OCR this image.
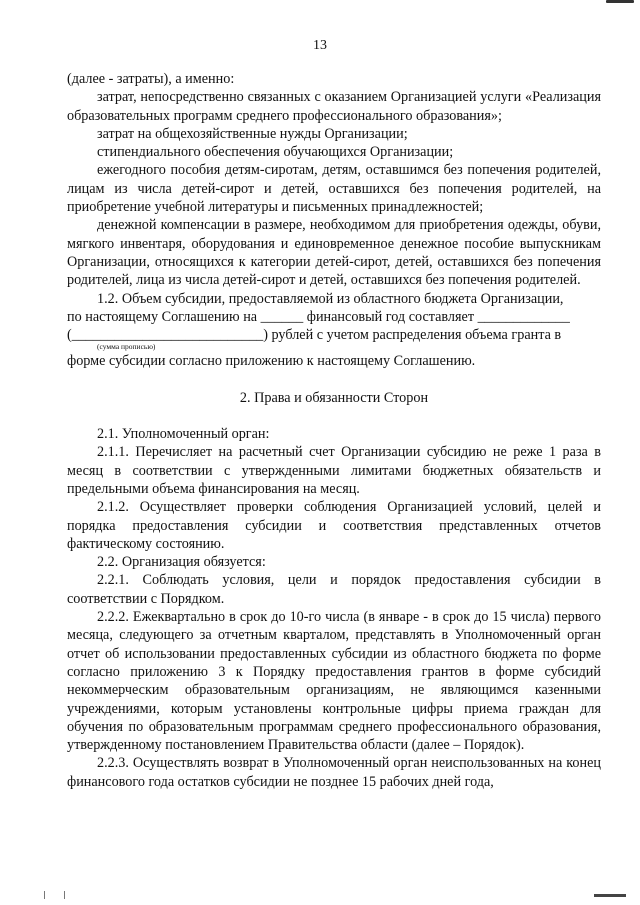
13

(далее - затраты), а именно:

затрат, непосредственно связанных с оказанием Организацией услуги «Реализация образовательных программ среднего профессионального образования»;

затрат на общехозяйственные нужды Организации;

стипендиального обеспечения обучающихся Организации;

ежегодного пособия детям-сиротам, детям, оставшимся без попечения родителей, лицам из числа детей-сирот и детей, оставшихся без попечения родителей, на приобретение учебной литературы и письменных принадлежностей;

денежной компенсации в размере, необходимом для приобретения одежды, обуви, мягкого инвентаря, оборудования и единовременное денежное пособие выпускникам Организации, относящихся к категории детей-сирот, детей, оставшихся без попечения родителей, лица из числа детей-сирот и детей, оставшихся без попечения родителей.

1.2. Объем субсидии, предоставляемой из областного бюджета Организации,

по настоящему Соглашению на ______ финансовый год составляет _____________

(___________________________) рублей с учетом распределения объема гранта в

(сумма прописью)

форме субсидии согласно приложению к настоящему Соглашению.

2. Права и обязанности Сторон

2.1. Уполномоченный орган:

2.1.1. Перечисляет на расчетный счет Организации субсидию не реже 1 раза в месяц в соответствии с утвержденными лимитами бюджетных обязательств и предельными объема финансирования на месяц.

2.1.2. Осуществляет проверки соблюдения Организацией условий, целей и порядка предоставления субсидии и соответствия представленных отчетов фактическому состоянию.

2.2. Организация обязуется:

2.2.1. Соблюдать условия, цели и порядок предоставления субсидии в соответствии с Порядком.

2.2.2. Ежеквартально в срок до 10-го числа (в январе - в срок до 15 числа) первого месяца, следующего за отчетным кварталом, представлять в Уполномоченный орган отчет об использовании предоставленных субсидии из областного бюджета по форме согласно приложению 3 к Порядку предоставления грантов в форме субсидий некоммерческим образовательным организациям, не являющимся казенными учреждениями, которым установлены контрольные цифры приема граждан для обучения по образовательным программам среднего профессионального образования, утвержденному постановлением Правительства области (далее – Порядок).

2.2.3. Осуществлять возврат в Уполномоченный орган неиспользованных на конец финансового года остатков субсидии не позднее 15 рабочих дней года,
